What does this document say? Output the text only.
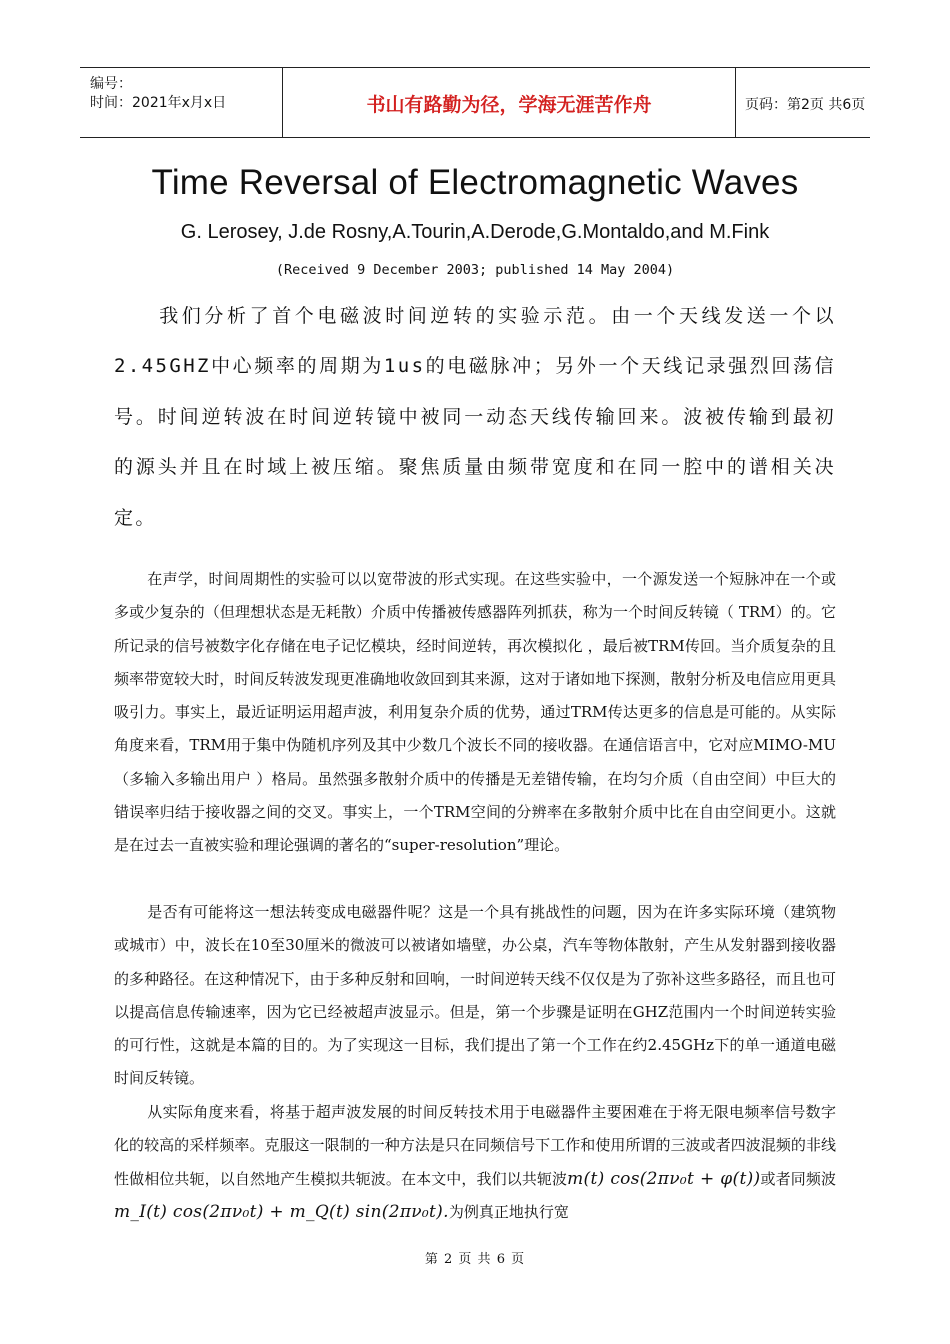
编号：
时间：2021年x月x日	书山有路勤为径，学海无涯苦作舟	页码：第2页 共6页
Time Reversal of Electromagnetic Waves
G. Lerosey, J.de Rosny,A.Tourin,A.Derode,G.Montaldo,and M.Fink
(Received 9 December 2003; published 14 May 2004)
我们分析了首个电磁波时间逆转的实验示范。由一个天线发送一个以2.45GHZ中心频率的周期为1us的电磁脉冲；另外一个天线记录强烈回荡信号。时间逆转波在时间逆转镜中被同一动态天线传输回来。波被传输到最初的源头并且在时域上被压缩。聚焦质量由频带宽度和在同一腔中的谱相关决定。
在声学，时间周期性的实验可以以宽带波的形式实现。在这些实验中，一个源发送一个短脉冲在一个或多或少复杂的（但理想状态是无耗散）介质中传播被传感器阵列抓获，称为一个时间反转镜（ TRM）的。它所记录的信号被数字化存储在电子记忆模块，经时间逆转，再次模拟化 ，最后被TRM传回。当介质复杂的且频率带宽较大时，时间反转波发现更准确地收敛回到其来源，这对于诸如地下探测，散射分析及电信应用更具吸引力。事实上，最近证明运用超声波，利用复杂介质的优势，通过TRM传达更多的信息是可能的。从实际角度来看，TRM用于集中伪随机序列及其中少数几个波长不同的接收器。在通信语言中，它对应MIMO-MU（多输入多输出用户 ）格局。虽然强多散射介质中的传播是无差错传输，在均匀介质（自由空间）中巨大的错误率归结于接收器之间的交叉。事实上，一个TRM空间的分辨率在多散射介质中比在自由空间更小。这就是在过去一直被实验和理论强调的著名的“super-resolution”理论。
是否有可能将这一想法转变成电磁器件呢？这是一个具有挑战性的问题，因为在许多实际环境（建筑物或城市）中，波长在10至30厘米的微波可以被诸如墙壁，办公桌，汽车等物体散射，产生从发射器到接收器的多种路径。在这种情况下，由于多种反射和回响，一时间逆转天线不仅仅是为了弥补这些多路径，而且也可以提高信息传输速率，因为它已经被超声波显示。但是，第一个步骤是证明在GHZ范围内一个时间逆转实验的可行性，这就是本篇的目的。为了实现这一目标，我们提出了第一个工作在约2.45GHz下的单一通道电磁时间反转镜。
从实际角度来看，将基于超声波发展的时间反转技术用于电磁器件主要困难在于将无限电频率信号数字化的较高的采样频率。克服这一限制的一种方法是只在同频信号下工作和使用所谓的三波或者四波混频的非线性做相位共轭，以自然地产生模拟共轭波。在本文中，我们以共轭波m(t) cos(2πν₀t + φ(t))或者同频波m_I(t) cos(2πν₀t) + m_Q(t) sin(2πν₀t).为例真正地执行宽
第 2 页 共 6 页
